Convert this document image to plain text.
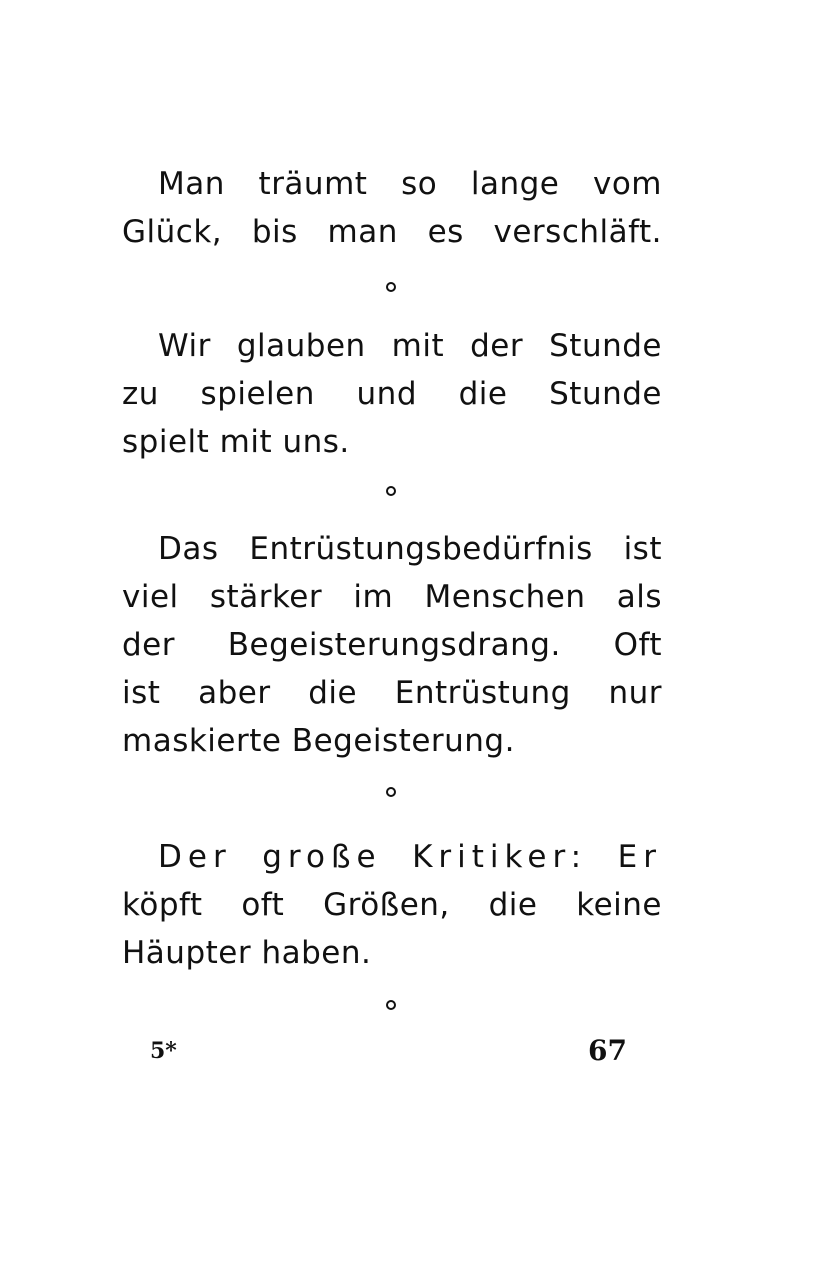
Man träumt so lange vom
Glück, bis man es verschläft.
Wir glauben mit der Stunde
zu spielen und die Stunde
spielt mit uns.
Das Entrüstungsbedürfnis ist
viel stärker im Menschen als
der Begeisterungsdrang. Oft
ist aber die Entrüstung nur
maskierte Begeisterung.
Der große Kritiker: Er
köpft oft Größen, die keine
Häupter haben.
5*	67
